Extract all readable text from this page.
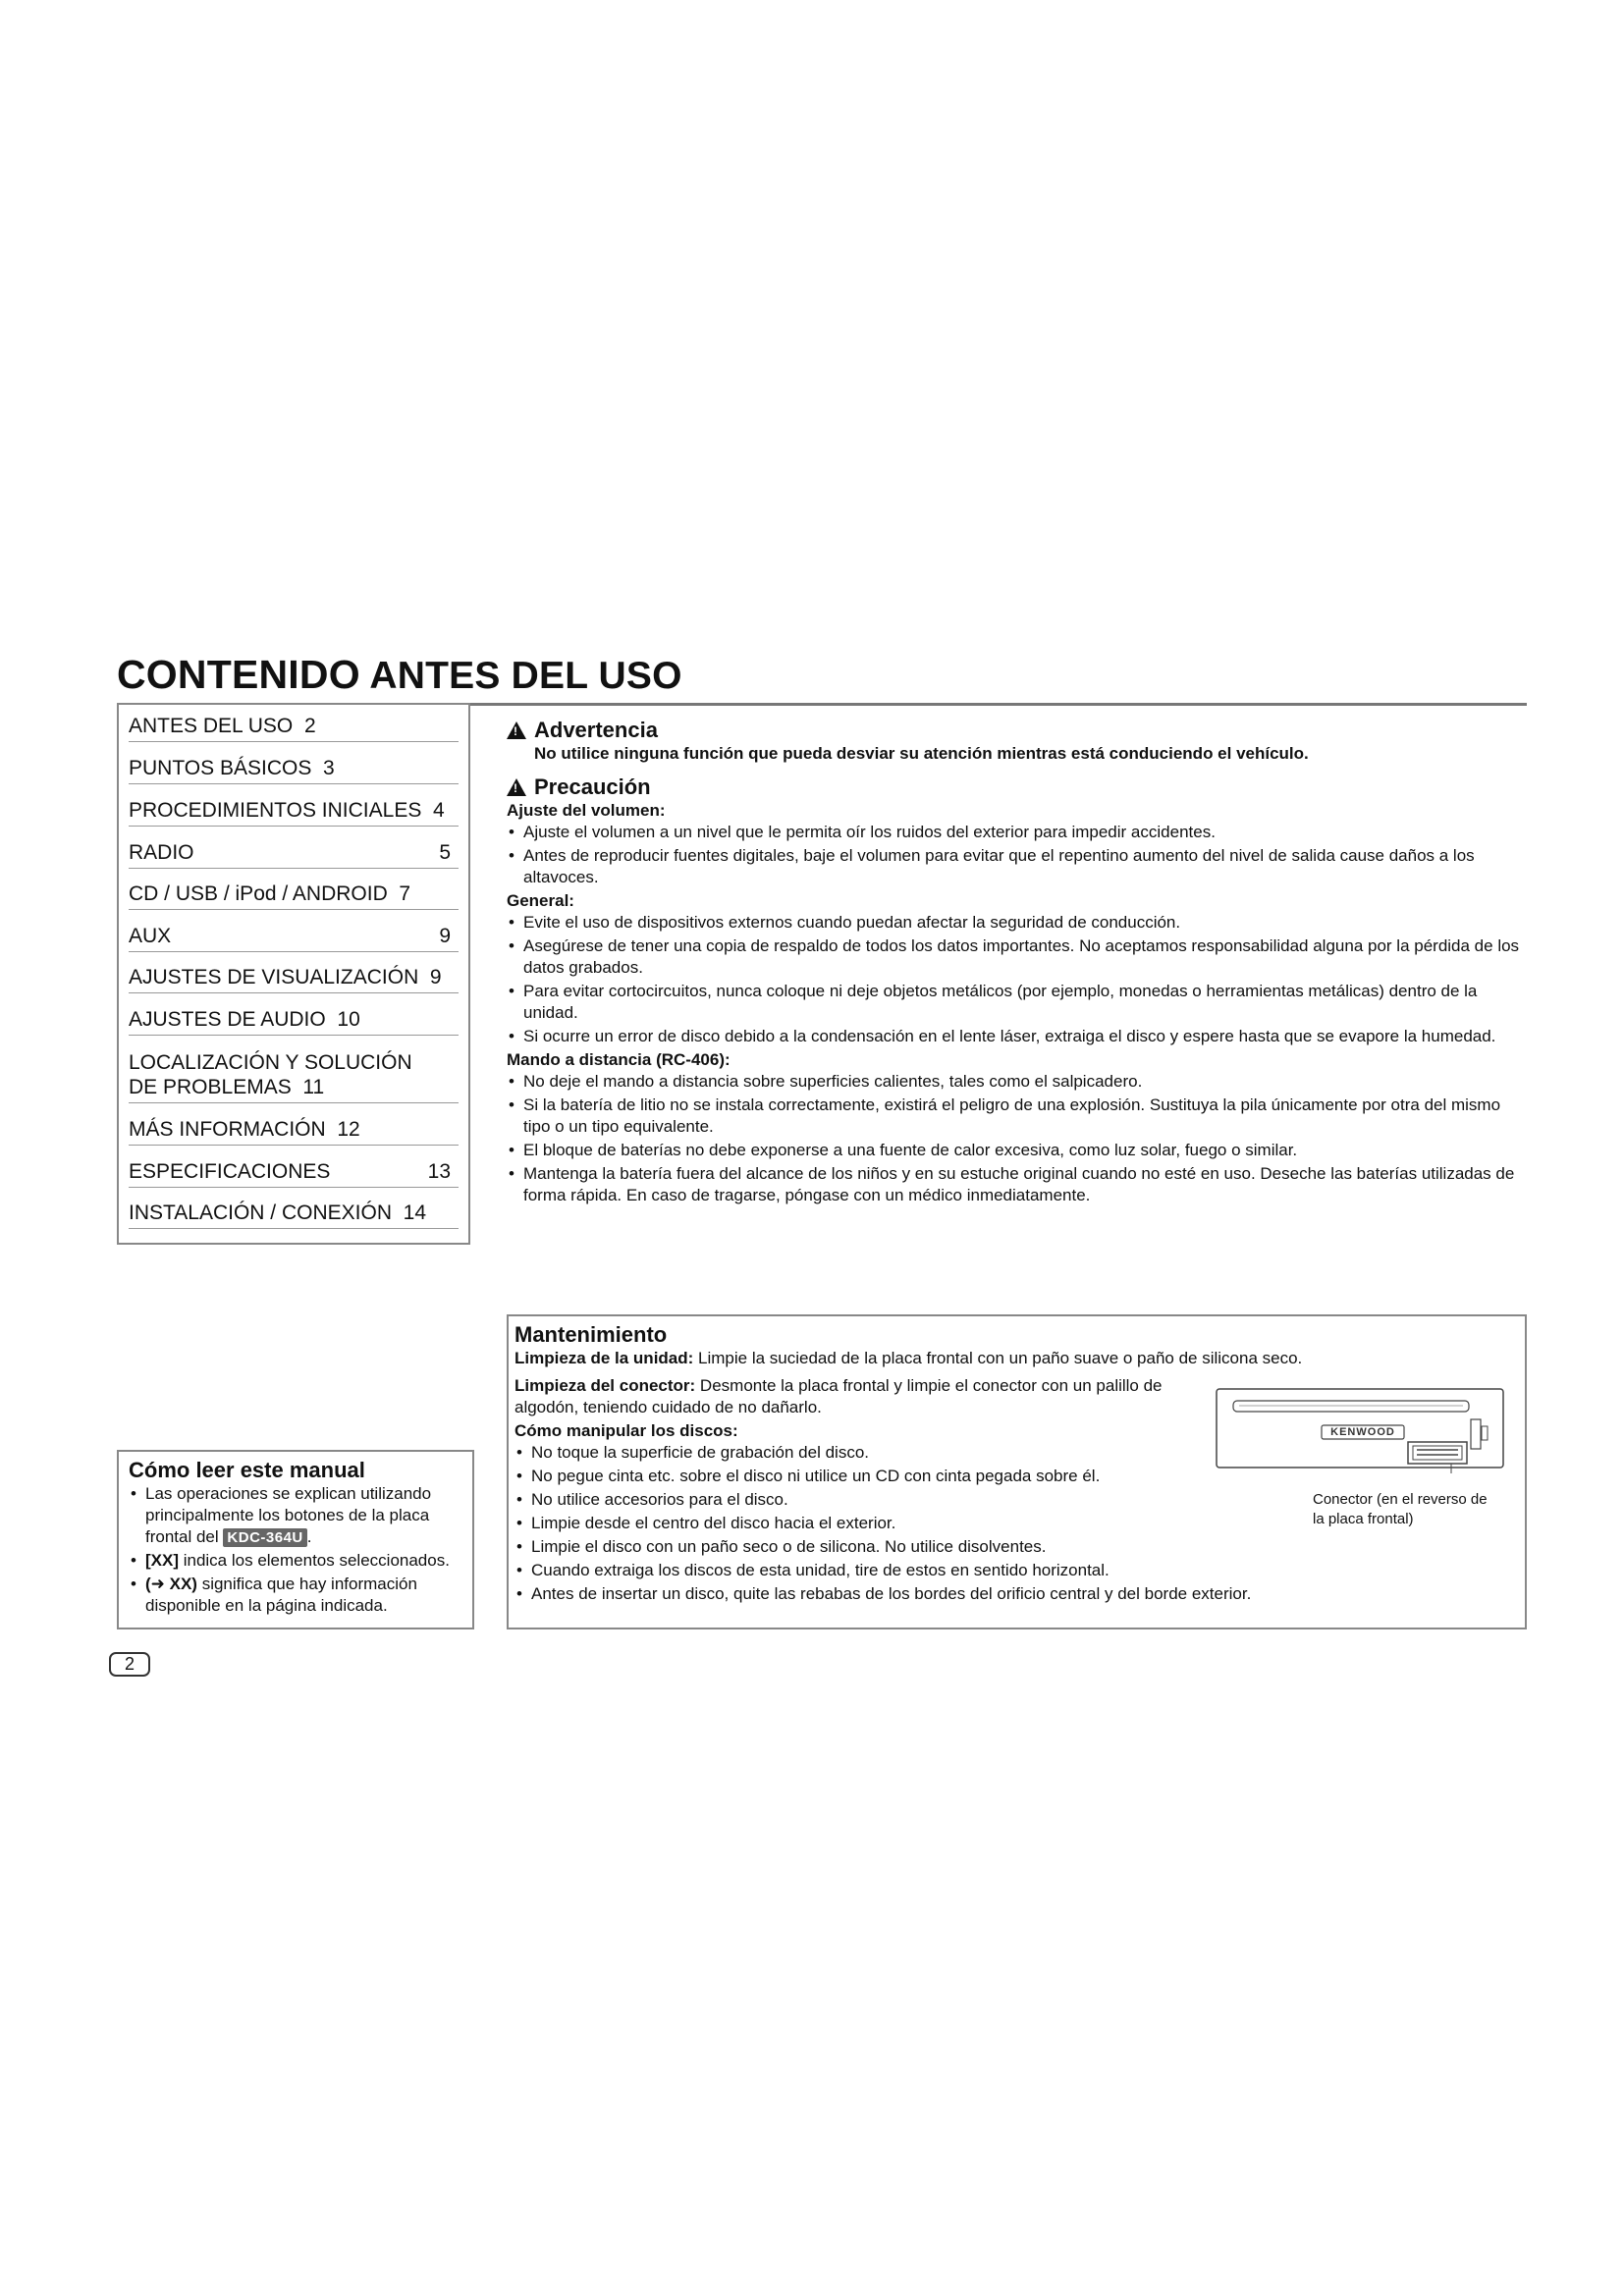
CONTENIDO ANTES DEL USO
ANTES DEL USO 2
PUNTOS BÁSICOS 3
PROCEDIMIENTOS INICIALES 4
RADIO	5
CD / USB / iPod / ANDROID 7
AUX	9
AJUSTES DE VISUALIZACIÓN 9
AJUSTES DE AUDIO 10
LOCALIZACIÓN Y SOLUCIÓN
DE PROBLEMAS 11
MÁS INFORMACIÓN 12
ESPECIFICACIONES	13
INSTALACIÓN / CONEXIÓN 14
!Advertencia
No utilice ninguna función que pueda desviar su atención mientras está conduciendo el vehículo.
!Precaución
Ajuste del volumen:
• Ajuste el volumen a un nivel que le permita oír los ruidos del exterior para impedir accidentes.
• Antes de reproducir fuentes digitales, baje el volumen para evitar que el repentino aumento del nivel de salida cause daños a los altavoces.
General:
• Evite el uso de dispositivos externos cuando puedan afectar la seguridad de conducción.
• Asegúrese de tener una copia de respaldo de todos los datos importantes. No aceptamos responsabilidad alguna por la pérdida de los datos grabados.
• Para evitar cortocircuitos, nunca coloque ni deje objetos metálicos (por ejemplo, monedas o herramientas metálicas) dentro de la unidad.
• Si ocurre un error de disco debido a la condensación en el lente láser, extraiga el disco y espere hasta que se evapore la humedad.
Mando a distancia (RC-406):
• No deje el mando a distancia sobre superficies calientes, tales como el salpicadero.
• Si la batería de litio no se instala correctamente, existirá el peligro de una explosión. Sustituya la pila únicamente por otra del mismo tipo o un tipo equivalente.
• El bloque de baterías no debe exponerse a una fuente de calor excesiva, como luz solar, fuego o similar.
• Mantenga la batería fuera del alcance de los niños y en su estuche original cuando no esté en uso. Deseche las baterías utilizadas de forma rápida. En caso de tragarse, póngase con un médico inmediatamente.
Cómo leer este manual
• Las operaciones se explican utilizando principalmente los botones de la placa frontal del KDC-364U .
• [XX] indica los elementos seleccionados.
• (➜ XX) significa que hay información disponible en la página indicada.
Mantenimiento
Limpieza de la unidad: Limpie la suciedad de la placa frontal con un paño suave o paño de silicona seco.
Limpieza del conector: Desmonte la placa frontal y limpie el conector con un palillo de algodón, teniendo cuidado de no dañarlo.
Cómo manipular los discos:
• No toque la superficie de grabación del disco.
• No pegue cinta etc. sobre el disco ni utilice un CD con cinta pegada sobre él.
• No utilice accesorios para el disco.
• Limpie desde el centro del disco hacia el exterior.
• Limpie el disco con un paño seco o de silicona. No utilice disolventes.
• Cuando extraiga los discos de esta unidad, tire de estos en sentido horizontal.
• Antes de insertar un disco, quite las rebabas de los bordes del orificio central y del borde exterior.
KENWOOD
Conector (en el reverso de la placa frontal)
2
